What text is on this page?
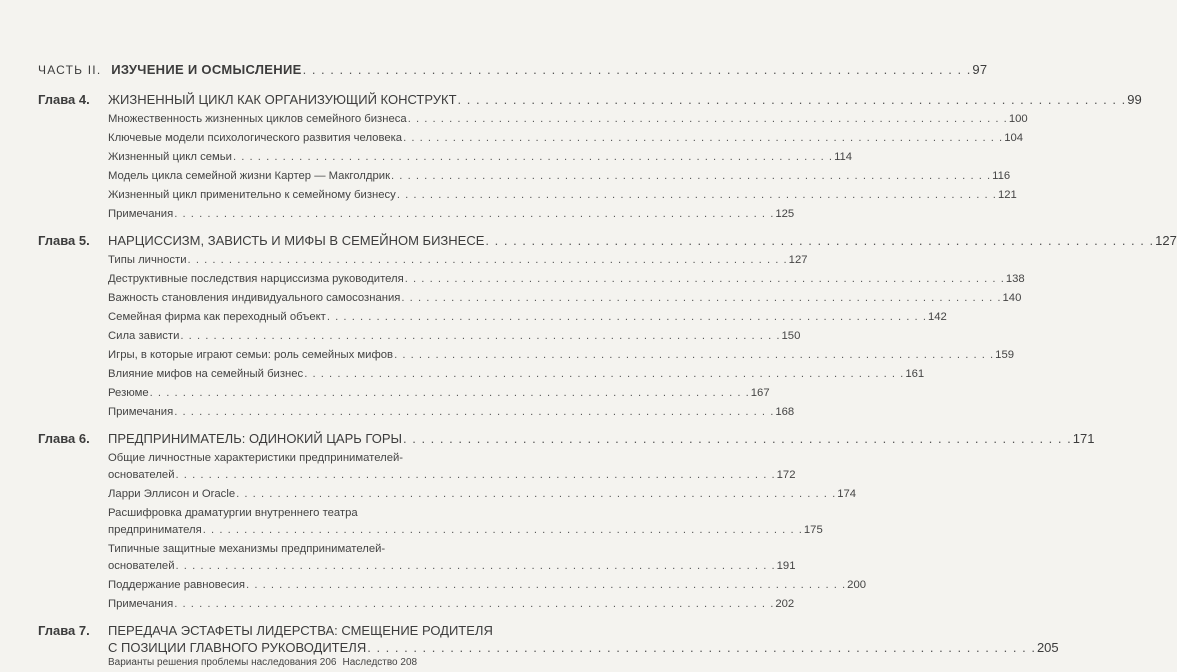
ЧАСТЬ II. ИЗУЧЕНИЕ И ОСМЫСЛЕНИЕ . . .	97
Глава 4. ЖИЗНЕННЫЙ ЦИКЛ КАК ОРГАНИЗУЮЩИЙ КОНСТРУКТ . . .	99
Множественность жизненных циклов семейного бизнеса . . .	100
Ключевые модели психологического развития человека . . .	104
Жизненный цикл семьи . . .	114
Модель цикла семейной жизни Картер — Макголдрик . . .	116
Жизненный цикл применительно к семейному бизнесу . . .	121
Примечания . . .	125
Глава 5. НАРЦИССИЗМ, ЗАВИСТЬ И МИФЫ В СЕМЕЙНОМ БИЗНЕСЕ . . .	127
Типы личности . . .	127
Деструктивные последствия нарциссизма руководителя . . .	138
Важность становления индивидуального самосознания . . .	140
Семейная фирма как переходный объект . . .	142
Сила зависти . . .	150
Игры, в которые играют семьи: роль семейных мифов . . .	159
Влияние мифов на семейный бизнес . . .	161
Резюме . . .	167
Примечания . . .	168
Глава 6. ПРЕДПРИНИМАТЕЛЬ: ОДИНОКИЙ ЦАРЬ ГОРЫ . . .	171
Общие личностные характеристики предпринимателей-
основателей . . .	172
Ларри Эллисон и Oracle . . .	174
Расшифровка драматургии внутреннего театра
предпринимателя . . .	175
Типичные защитные механизмы предпринимателей-
основателей . . .	191
Поддержание равновесия . . .	200
Примечания . . .	202
Глава 7. ПЕРЕДАЧА ЭСТАФЕТЫ ЛИДЕРСТВА: СМЕЩЕНИЕ РОДИТЕЛЯ
С ПОЗИЦИИ ГЛАВНОГО РУКОВОДИТЕЛЯ . . .	205
Варианты решения проблемы наследования 206 Наследство 208
